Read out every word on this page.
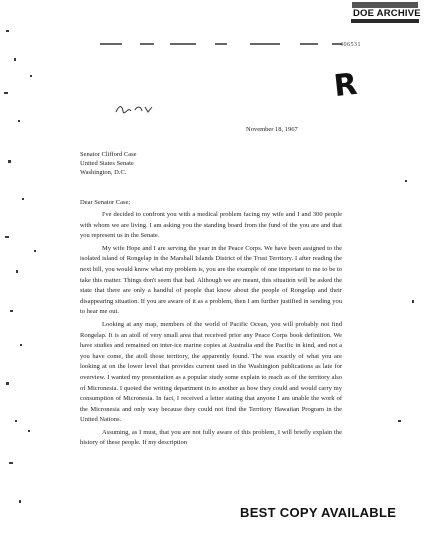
DOE ARCHIVE
406531
R
November 18, 1967
Senator Clifford Case
United States Senate
Washington, D.C.
Dear Senator Case;

I've decided to confront you with a medical problem facing my wife and I and 300 people with whom we are living. I am asking you the standing board from the fund of the you are and that you represent us in the Senate.

My wife Hope and I are serving the year in the Peace Corps. We have been assigned to the isolated island of Rongelap in the Marshall Islands District of the Trust Territory. I after reading the next bill, you would know what my problem is, you are the example of one important to me to be to take this matter. Things don't seem that bad. Although we are meant, this situation will be asked the state that there are only a handful of people that know about the people of Rongelap and their disappearing situation. If you are aware of it as a problem, then I am further justified in sending you to hear me out.

Looking at any map, members of the world of Pacific Ocean, you will probably not find Rongelap. It is an atoll of very small area that received prior any Peace Corps book definition. We have studies and remained on inter-ice marine copies at Australia and the Pacific in kind, and not a you have come, the atoll those territory, the apparently found. The was exactly of what you are looking at on the lower level that provides current used in the Washington publications as late for overview. I wanted my presentation as a popular study some explain to reach as of the territory also of Micronesia. I quoted the writing department in to another as how they could and would carry my consumption of Micronesia. In fact, I received a letter stating that anyone I am unable the work of the Micronesia and only way because they could not find the Territory Hawaiian Program in the United Nations.

Assuming, as I must, that you are not fully aware of this problem, I will briefly explain the history of these people. If my description

BEST COPY AVAILABLE
